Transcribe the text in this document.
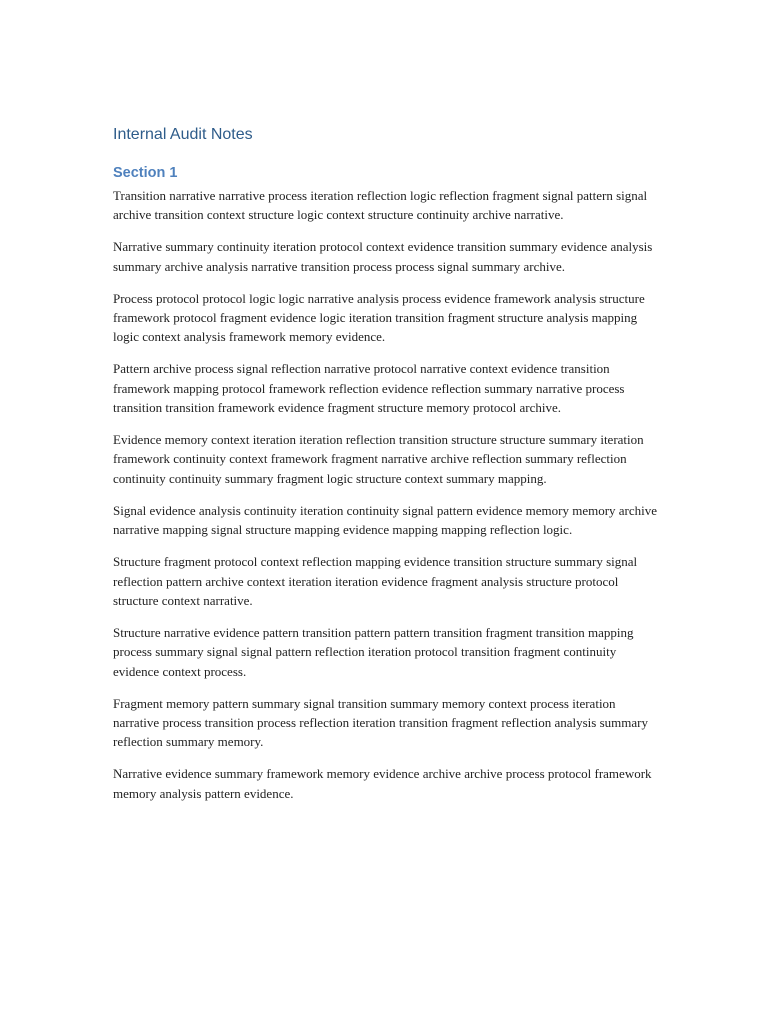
Internal Audit Notes
Section 1

Transition narrative narrative process iteration reflection logic reflection fragment signal pattern signal archive transition context structure logic context structure continuity archive narrative.

Narrative summary continuity iteration protocol context evidence transition summary evidence analysis summary archive analysis narrative transition process process signal summary archive.

Process protocol protocol logic logic narrative analysis process evidence framework analysis structure framework protocol fragment evidence logic iteration transition fragment structure analysis mapping logic context analysis framework memory evidence.

Pattern archive process signal reflection narrative protocol narrative context evidence transition framework mapping protocol framework reflection evidence reflection summary narrative process transition transition framework evidence fragment structure memory protocol archive.

Evidence memory context iteration iteration reflection transition structure structure summary iteration framework continuity context framework fragment narrative archive reflection summary reflection continuity continuity summary fragment logic structure context summary mapping.

Signal evidence analysis continuity iteration continuity signal pattern evidence memory memory archive narrative mapping signal structure mapping evidence mapping mapping reflection logic.

Structure fragment protocol context reflection mapping evidence transition structure summary signal reflection pattern archive context iteration iteration evidence fragment analysis structure protocol structure context narrative.

Structure narrative evidence pattern transition pattern pattern transition fragment transition mapping process summary signal signal pattern reflection iteration protocol transition fragment continuity evidence context process.

Fragment memory pattern summary signal transition summary memory context process iteration narrative process transition process reflection iteration transition fragment reflection analysis summary reflection summary memory.

Narrative evidence summary framework memory evidence archive archive process protocol framework memory analysis pattern evidence.
